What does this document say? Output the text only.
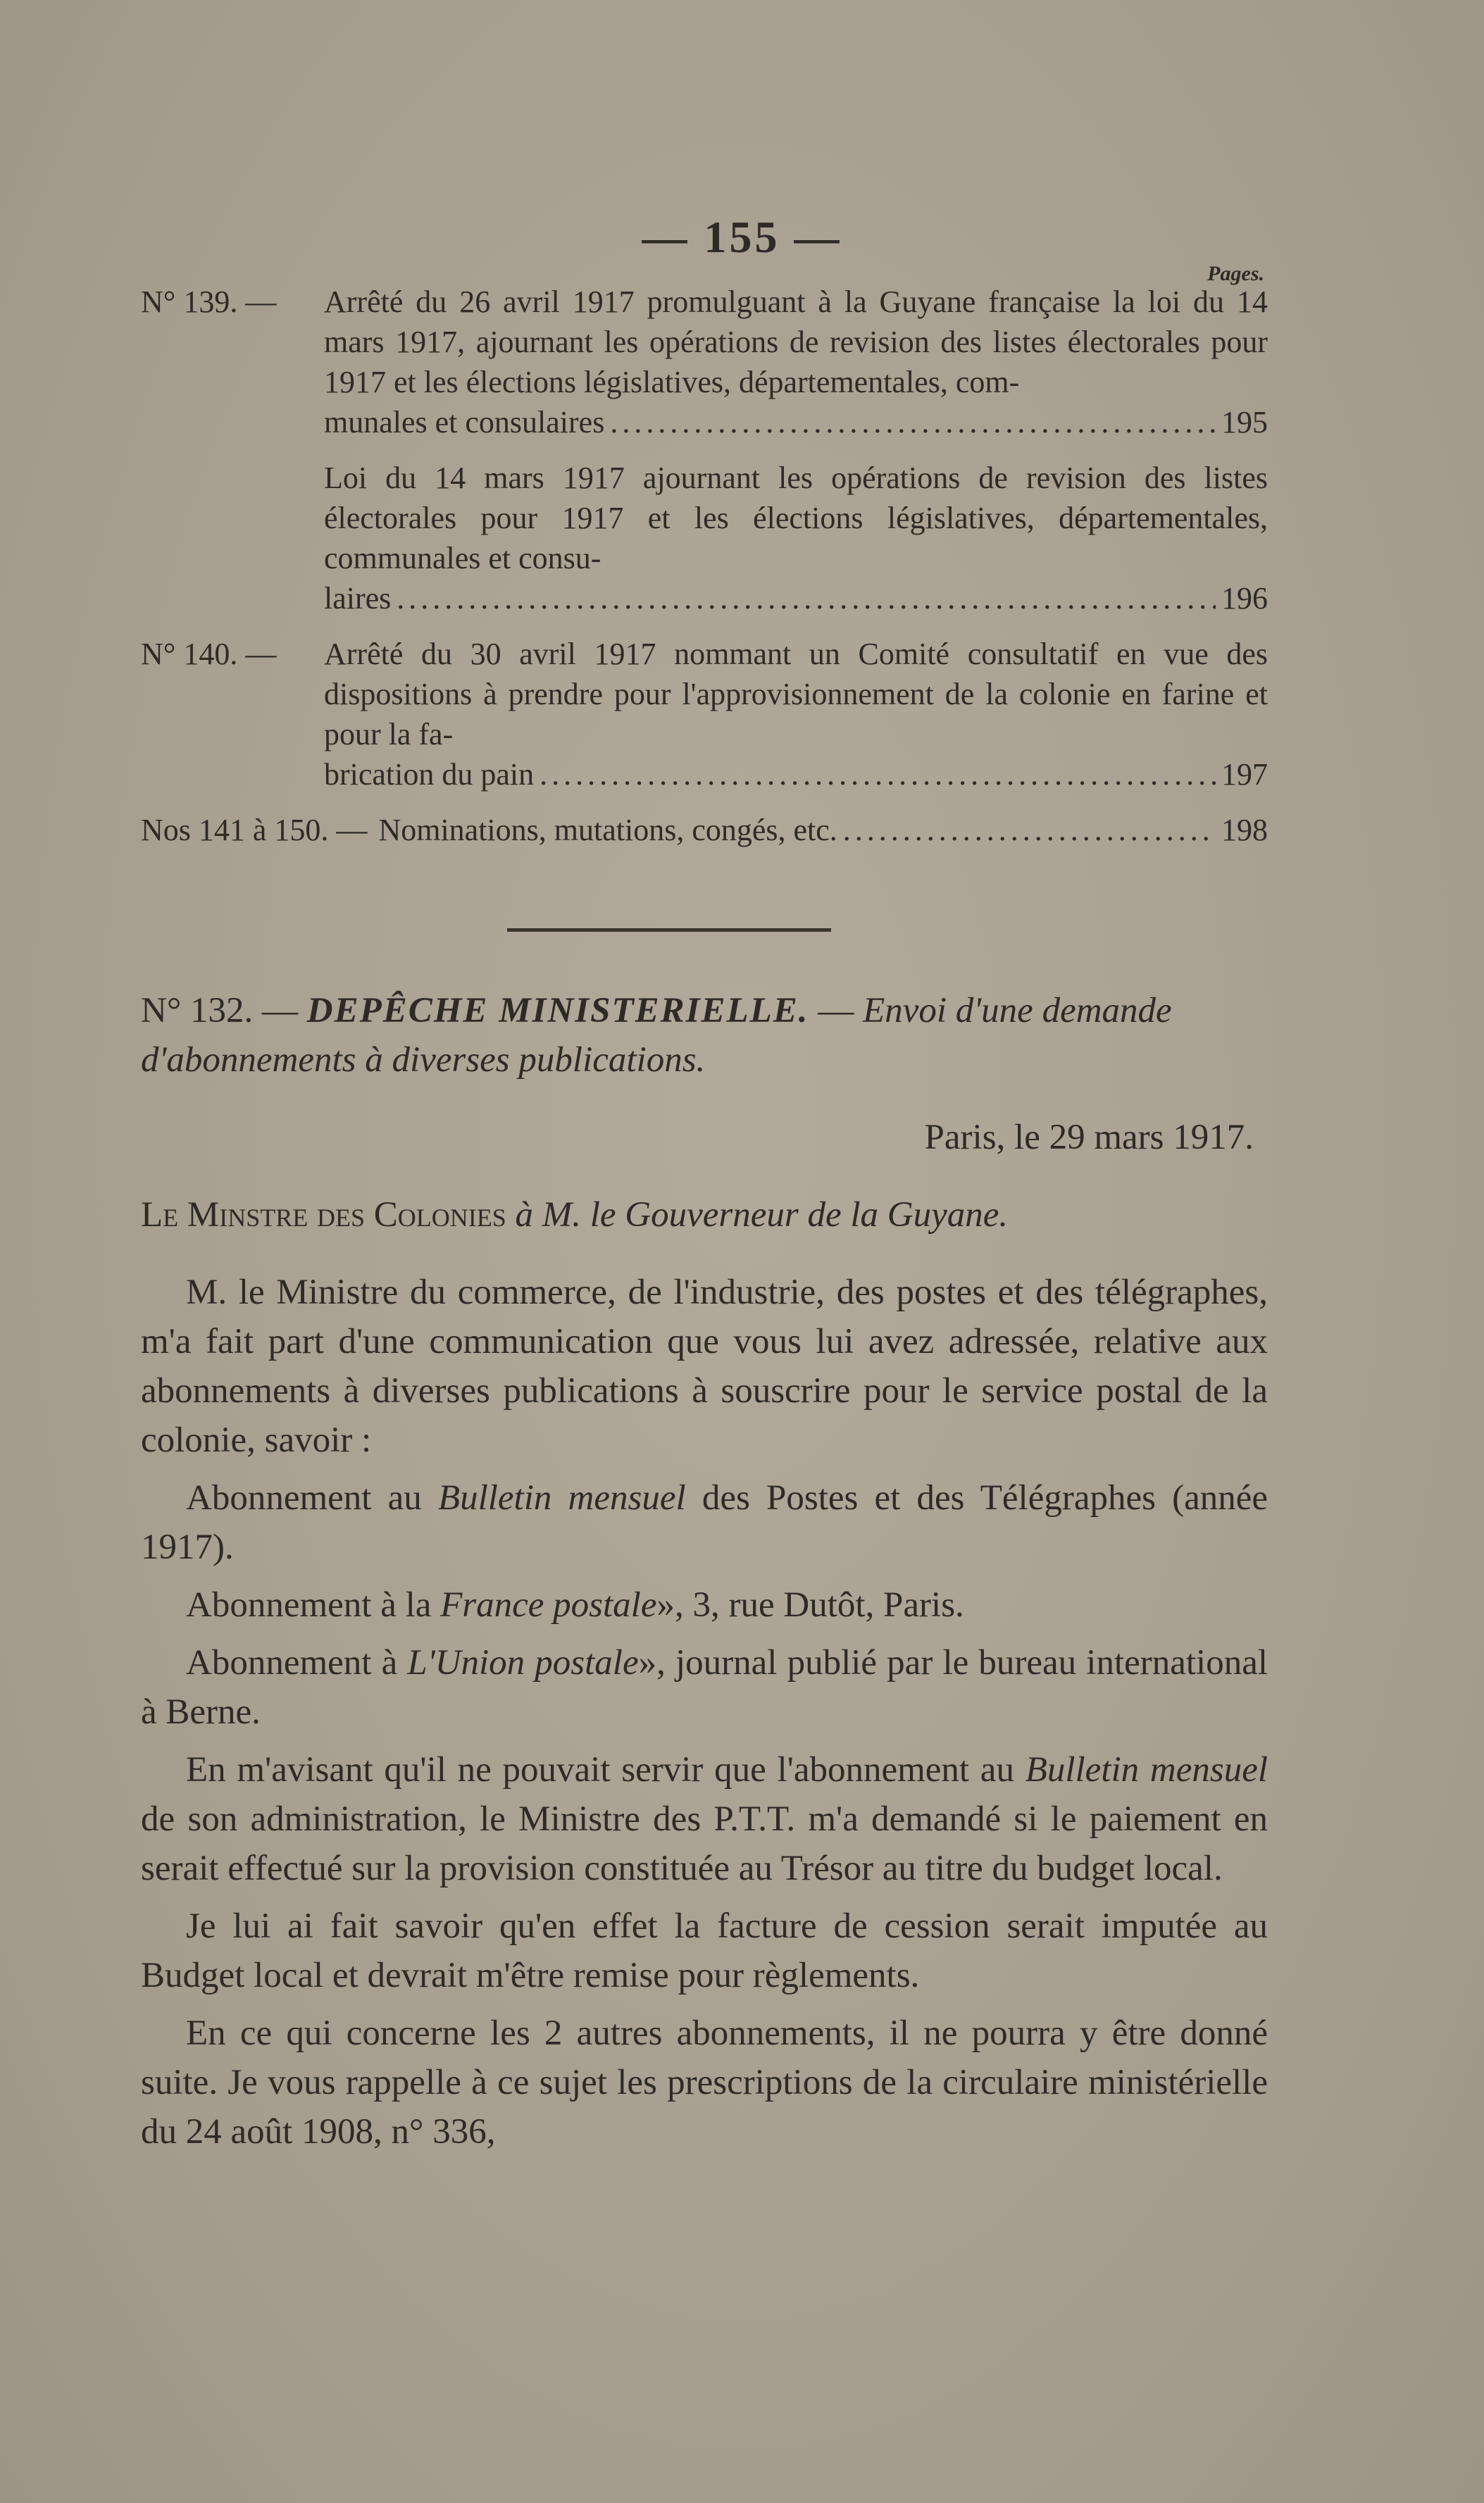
— 155 —
Pages.
N° 139. — Arrêté du 26 avril 1917 promulguant à la Guyane française la loi du 14 mars 1917, ajournant les opérations de revision des listes électorales pour 1917 et les élections législatives, départementales, com-
munales et consulaires .....	195
Loi du 14 mars 1917 ajournant les opérations de revision des listes électorales pour 1917 et les élections législatives, départementales, communales et consu-
laires .....	196
N° 140. — Arrêté du 30 avril 1917 nommant un Comité consultatif en vue des dispositions à prendre pour l'approvisionnement de la colonie en farine et pour la fa-
brication du pain .....	197
Nos 141 à 150. — Nominations, mutations, congés, etc. .....	198
N° 132. — DEPÊCHE MINISTERIELLE. — Envoi d'une demande d'abonnements à diverses publications.
Paris, le 29 mars 1917.
Le Minstre des Colonies à M. le Gouverneur de la Guyane.

M. le Ministre du commerce, de l'industrie, des postes et des télégraphes, m'a fait part d'une communication que vous lui avez adressée, relative aux abonnements à diverses publications à souscrire pour le service postal de la colonie, savoir :

Abonnement au Bulletin mensuel des Postes et des Télégraphes (année 1917).

Abonnement à la France postale», 3, rue Dutôt, Paris.

Abonnement à L'Union postale», journal publié par le bureau international à Berne.

En m'avisant qu'il ne pouvait servir que l'abonnement au Bulletin mensuel de son administration, le Ministre des P.T.T. m'a demandé si le paiement en serait effectué sur la provision constituée au Trésor au titre du budget local.

Je lui ai fait savoir qu'en effet la facture de cession serait imputée au Budget local et devrait m'être remise pour règlements.

En ce qui concerne les 2 autres abonnements, il ne pourra y être donné suite. Je vous rappelle à ce sujet les prescriptions de la circulaire ministérielle du 24 août 1908, n° 336,
